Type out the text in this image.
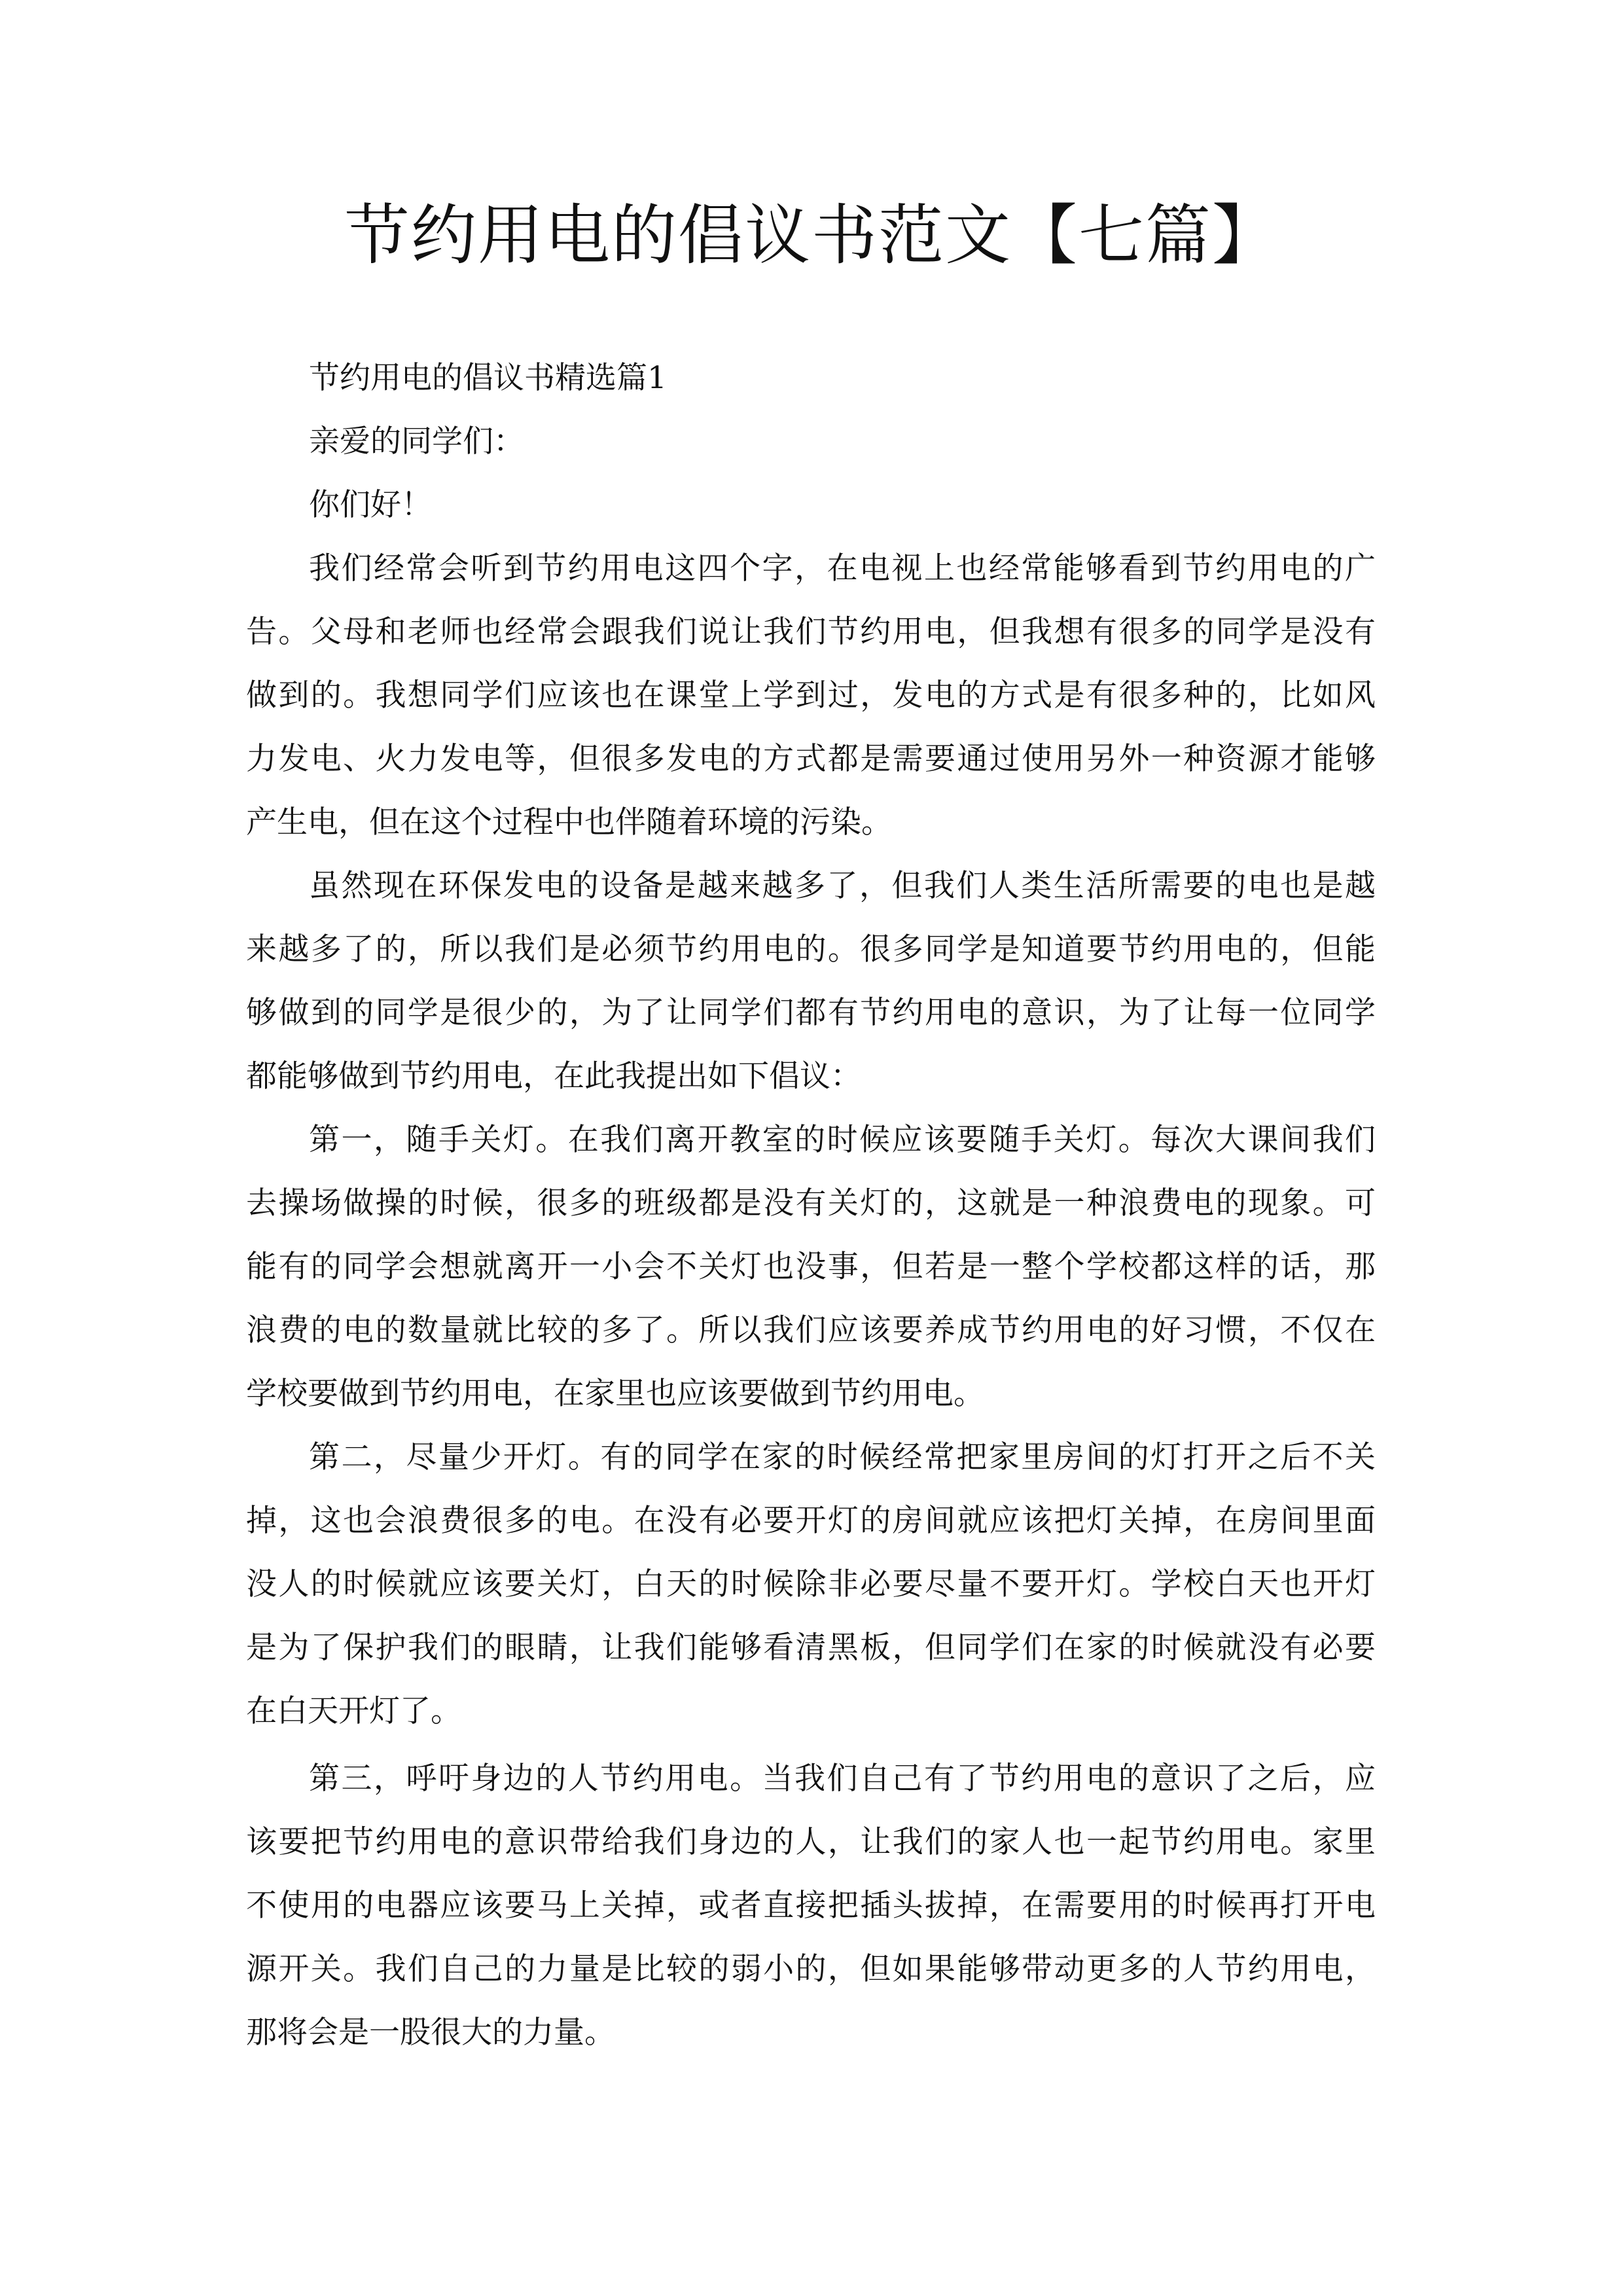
节约用电的倡议书范文【七篇】
节约用电的倡议书精选篇1
亲爱的同学们：
你们好！
我们经常会听到节约用电这四个字，在电视上也经常能够看到节约用电的广
告。父母和老师也经常会跟我们说让我们节约用电，但我想有很多的同学是没有
做到的。我想同学们应该也在课堂上学到过，发电的方式是有很多种的，比如风
力发电、火力发电等，但很多发电的方式都是需要通过使用另外一种资源才能够
产生电，但在这个过程中也伴随着环境的污染。
虽然现在环保发电的设备是越来越多了，但我们人类生活所需要的电也是越
来越多了的，所以我们是必须节约用电的。很多同学是知道要节约用电的，但能
够做到的同学是很少的，为了让同学们都有节约用电的意识，为了让每一位同学
都能够做到节约用电，在此我提出如下倡议：
第一，随手关灯。在我们离开教室的时候应该要随手关灯。每次大课间我们
去操场做操的时候，很多的班级都是没有关灯的，这就是一种浪费电的现象。可
能有的同学会想就离开一小会不关灯也没事，但若是一整个学校都这样的话，那
浪费的电的数量就比较的多了。所以我们应该要养成节约用电的好习惯，不仅在
学校要做到节约用电，在家里也应该要做到节约用电。
第二，尽量少开灯。有的同学在家的时候经常把家里房间的灯打开之后不关
掉，这也会浪费很多的电。在没有必要开灯的房间就应该把灯关掉，在房间里面
没人的时候就应该要关灯，白天的时候除非必要尽量不要开灯。学校白天也开灯
是为了保护我们的眼睛，让我们能够看清黑板，但同学们在家的时候就没有必要
在白天开灯了。
第三，呼吁身边的人节约用电。当我们自己有了节约用电的意识了之后，应
该要把节约用电的意识带给我们身边的人，让我们的家人也一起节约用电。家里
不使用的电器应该要马上关掉，或者直接把插头拔掉，在需要用的时候再打开电
源开关。我们自己的力量是比较的弱小的，但如果能够带动更多的人节约用电，
那将会是一股很大的力量。
